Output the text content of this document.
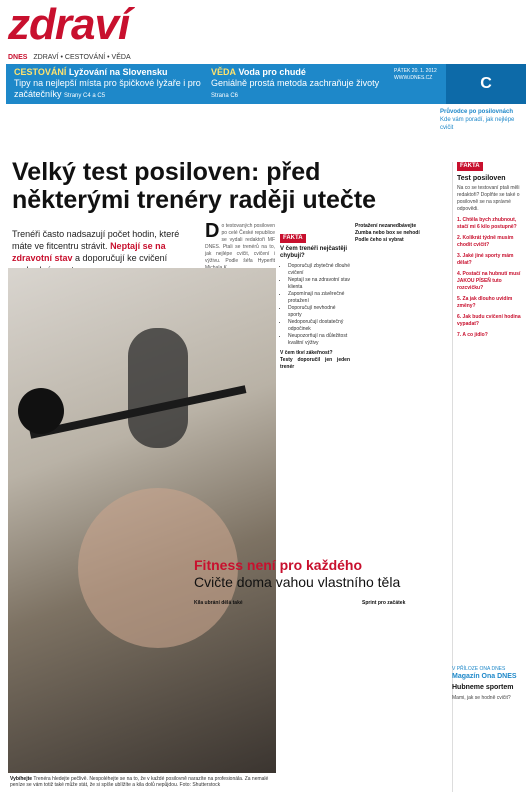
zdraví
DNES ZDRAVÍ • CESTOVÁNÍ • VĚDA
CESTOVÁNÍ Lyžování na Slovensku
Tipy na nejlepší místa pro špičkové lyžaře i pro začátečníky Strany C4 a C5
VĚDA Voda pro chudé
Geniálně prostá metoda zachraňuje životy Strana C6
PÁTEK 20. 1. 2012
WWW.iDNES.CZ	C
Průvodce po posilovnách
Kde vám poradí, jak nejlépe cvičit
Velký test posiloven: před některými trenéry raději utečte
Trenéři často nadsazují počet hodin, které máte ve fitcentru strávit. Neptají se na zdravotní stav a doporučují ke cvičení
D o testovaných posiloven po celé České republice se vydali redaktoři MF DNES. Ptali se trenérů na to, jak nejlépe cvičit, cvičení i výživu. Podle šéfa Hyperfit
FAKTA
V čem trenéři nejčastěji chybují?
• Doporučují zbytečné dlouhé cvičení
• Neptají se na zdravotní stav klienta
• Zapomínají na závěrečné protažení
• Doporučují nevhodné sporty
• Nedoporučují dostatečný odpočinek
• Neupozorňují na důležitost kvalitní výživy
V čem tkví zákeřnost?
Testy doporučil jen jeden trenér
Protažení nezanedbávejte
Zumba nebo box se nehodí
Podle čeho si vybrat
Vybíhejte Trenéra hledejte pečlivě. Nespoléhejte se na to, že v každé posilovně narazíte na profesionála. Za nemalé peníze se vám totiž také může stát, že si spíše ublížíte a kila dolů nepůjdou. Foto: Shutterstock
Fitness není pro každého
Cvičte doma vahou vlastního těla
Kila ubrání dělá také	Sprint pro začátek
FAKTA
Test posiloven
Na co se testovaní ptali měli redaktoři? Doplňte se také o posilovně se na správné odpovědi.
1. Chtěla bych zhubnout, stačí mi 6 kilo postupně?
2. Kolikrát týdně musím chodit cvičit?
3. Jaké jiné sporty mám dělat?
4. Postačí na hubnutí musí JAKOU PÍSEŇ tuto rozcvičku?
5. Za jak dlouho uvidím změny?
6. Jak budu cvičení hodina vypadat?
7. A co jídlo?
V PŘÍLOZE ONA DNES
Magazín Ona DNES
Hubneme sportem
Mami, jak se hodně cvičit?
